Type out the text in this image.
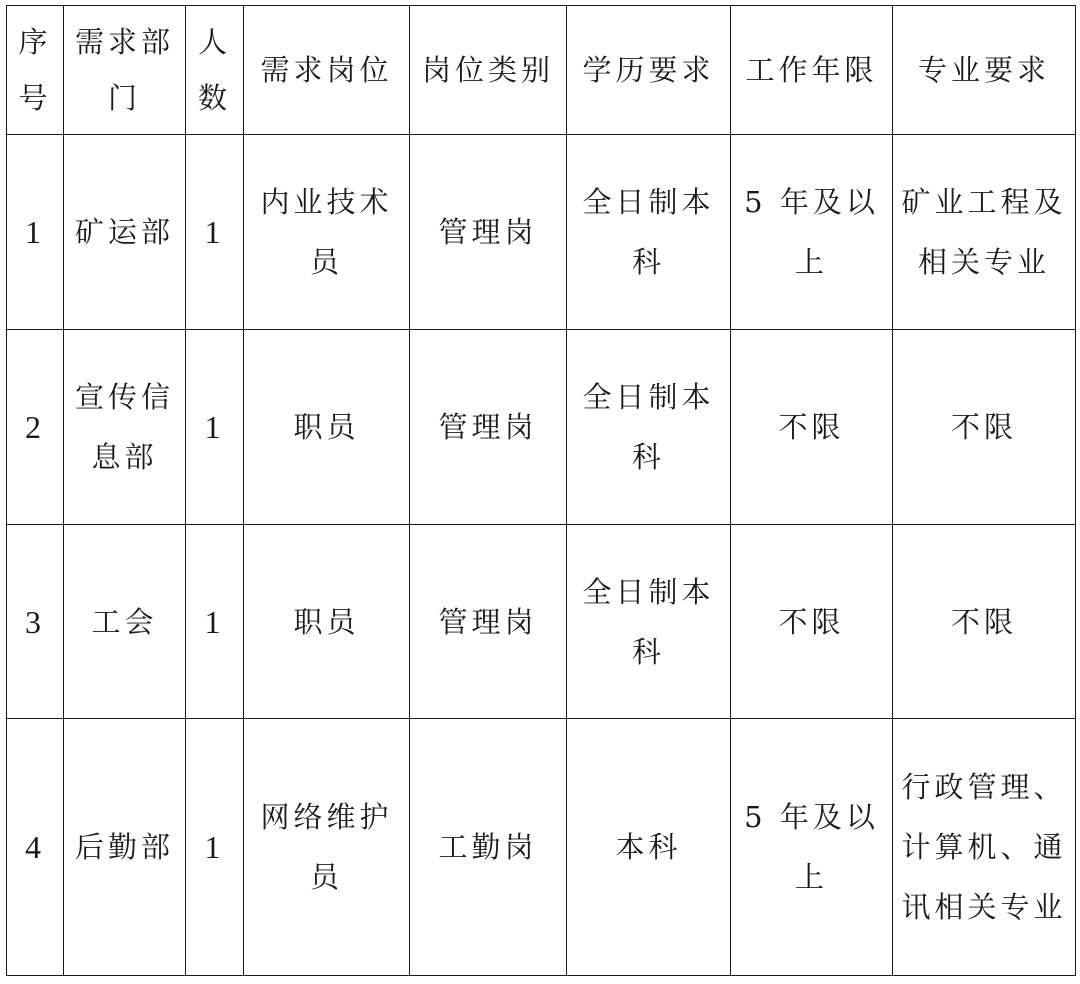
序号	需求部门	人数	需求岗位	岗位类别	学历要求	工作年限	专业要求
1	矿运部	1	内业技术员	管理岗	全日制本科	5 年及以上	矿业工程及相关专业
2	宣传信息部	1	职员	管理岗	全日制本科	不限	不限
3	工会	1	职员	管理岗	全日制本科	不限	不限
4	后勤部	1	网络维护员	工勤岗	本科	5 年及以上	行政管理、计算机、通讯相关专业
